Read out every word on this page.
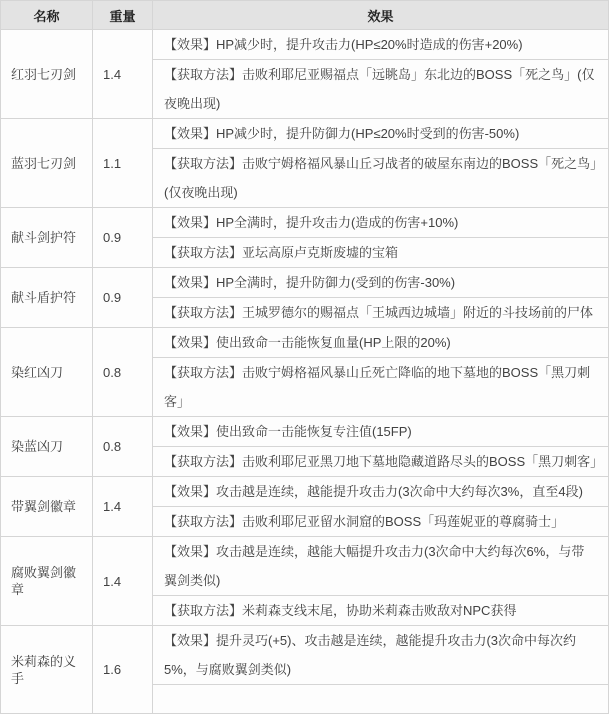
名称	重量	效果
红羽七刃剑	1.4	【效果】HP减少时，提升攻击力(HP≤20%时造成的伤害+20%)
		【获取方法】击败利耶尼亚赐福点「远眺岛」东北边的BOSS「死之鸟」(仅夜晚出现)
蓝羽七刃剑	1.1	【效果】HP减少时，提升防御力(HP≤20%时受到的伤害-50%)
		【获取方法】击败宁姆格福风暴山丘习战者的破屋东南边的BOSS「死之鸟」(仅夜晚出现)
献斗剑护符	0.9	【效果】HP全满时，提升攻击力(造成的伤害+10%)
		【获取方法】亚坛高原卢克斯废墟的宝箱
献斗盾护符	0.9	【效果】HP全满时，提升防御力(受到的伤害-30%)
		【获取方法】王城罗德尔的赐福点「王城西边城墙」附近的斗技场前的尸体
染红凶刀	0.8	【效果】使出致命一击能恢复血量(HP上限的20%)
		【获取方法】击败宁姆格福风暴山丘死亡降临的地下墓地的BOSS「黑刀刺客」
染蓝凶刀	0.8	【效果】使出致命一击能恢复专注值(15FP)
		【获取方法】击败利耶尼亚黑刀地下墓地隐藏道路尽头的BOSS「黑刀刺客」
带翼剑徽章	1.4	【效果】攻击越是连续，越能提升攻击力(3次命中大约每次3%，直至4段)
		【获取方法】击败利耶尼亚留水洞窟的BOSS「玛莲妮亚的尊腐骑士」
腐败翼剑徽章	1.4	【效果】攻击越是连续，越能大幅提升攻击力(3次命中大约每次6%，与带翼剑类似)
		【获取方法】米莉森支线末尾，协助米莉森击败敌对NPC获得
米莉森的义手	1.6	【效果】提升灵巧(+5)、攻击越是连续，越能提升攻击力(3次命中每次约5%，与腐败翼剑类似)
